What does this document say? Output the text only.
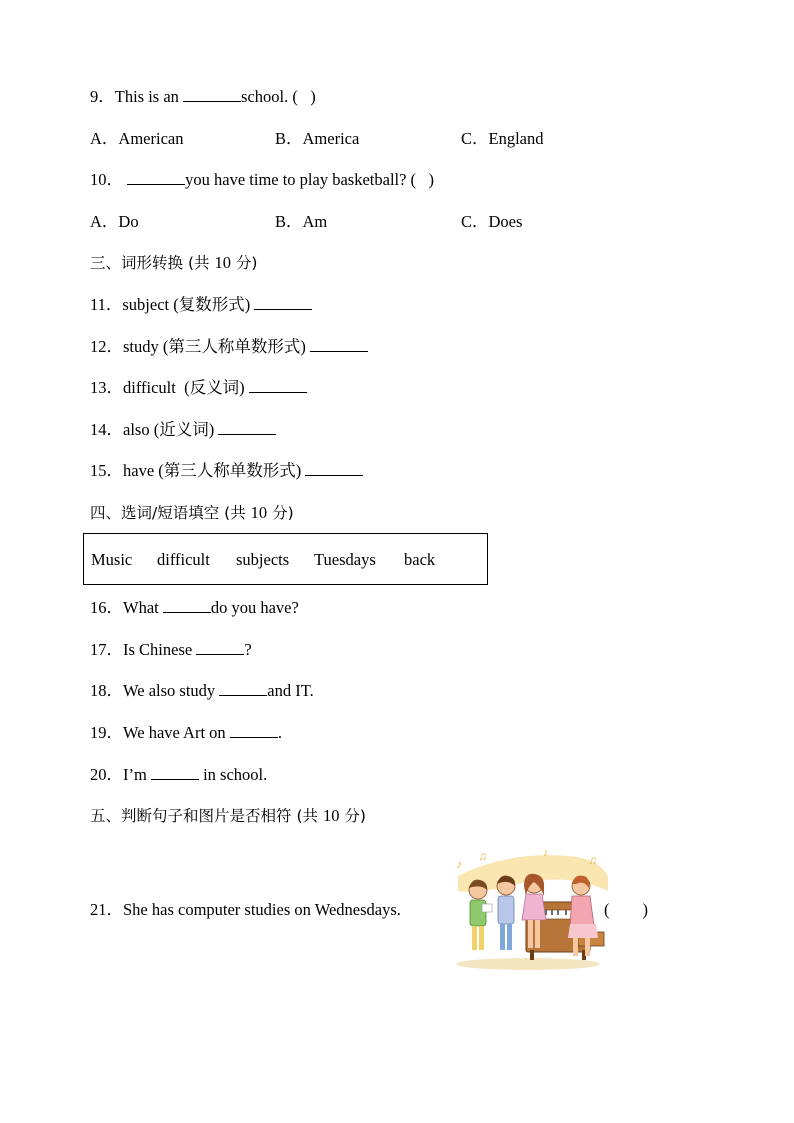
9．This is an	school. ( )
A．American	B．America	C．England
10．	you have time to play basketball? ( )
A．Do	B．Am	C．Does
三、词形转换 (共 10 分)
11．subject (复数形式)
12．study (第三人称单数形式)
13．difficult  (反义词)
14．also (近义词)
15．have (第三人称单数形式)
四、选词/短语填空 (共 10 分)
Music difficult subjects Tuesdays back
16．What	do you have?
17．Is Chinese	?
18．We also study	and IT.
19．We have Art on	.
20．I’m	in school.
五、判断句子和图片是否相符 (共 10 分)
21．She has computer studies on Wednesdays.	(        )
♪
♫	♪	♫
